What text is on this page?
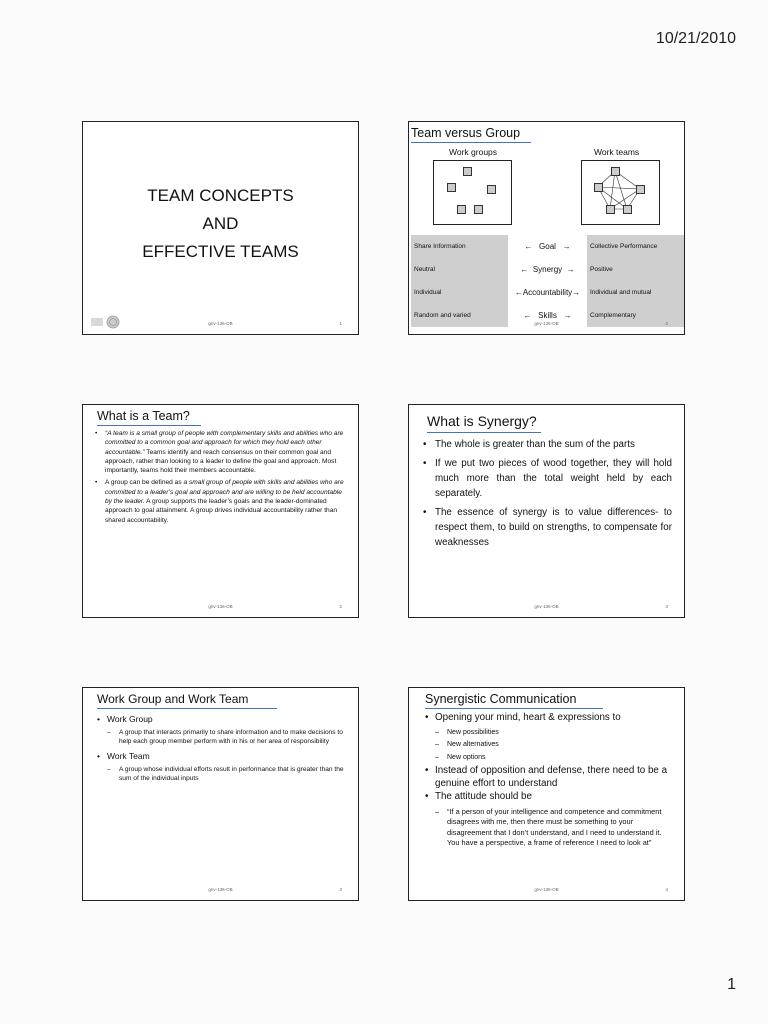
10/21/2010
TEAM CONCEPTS
AND
EFFECTIVE TEAMS
gnv-136-OB	1
Team versus Group
Work groups	Work teams
Share Information	←   Goal   →	Collective Performance
Neutral	←  Synergy  →	Positive
Individual	←Accountability→	Individual and mutual
Random and varied	←   Skills   →	Complementary
gnv-136-OB	2
What is a Team?
• “A team is a small group of people with complementary skills and abilities who are committed to a common goal and approach for which they hold each other accountable.” Teams identify and reach consensus on their common goal and approach, rather than looking to a leader to define the goal and approach. Most importantly, teams hold their members accountable.
• A group can be defined as a small group of people with skills and abilities who are committed to a leader’s goal and approach and are willing to be held accountable by the leader. A group supports the leader’s goals and the leader-dominated approach to goal attainment. A group drives individual accountability rather than shared accountability.
gnv-136-OB	2
What is Synergy?
• The whole is greater than the sum of the parts
• If we put two pieces of wood together, they will hold much more than the total weight held by each separately.
• The essence of synergy is to value differences- to respect them, to build on strengths, to compensate for weaknesses
gnv-136-OB	3
Work Group and Work Team
• Work Group
– A group that interacts primarily to share information and to make decisions to help each group member perform with in his or her area of responsibility
• Work Team
– A group whose individual efforts result in performance that is greater than the sum of the individual inputs
gnv-136-OB	3
Synergistic Communication
• Opening your mind, heart & expressions to
– New possibilities
– New alternatives
– New options
• Instead of opposition and defense, there need to be a genuine effort to understand
• The attitude should be
– “If a person of your intelligence and competence and commitment disagrees with me, then there must be something to your disagreement that I don’t understand, and I need to understand it. You have a perspective, a frame of reference I need to look at”
gnv-136-OB	4
1
